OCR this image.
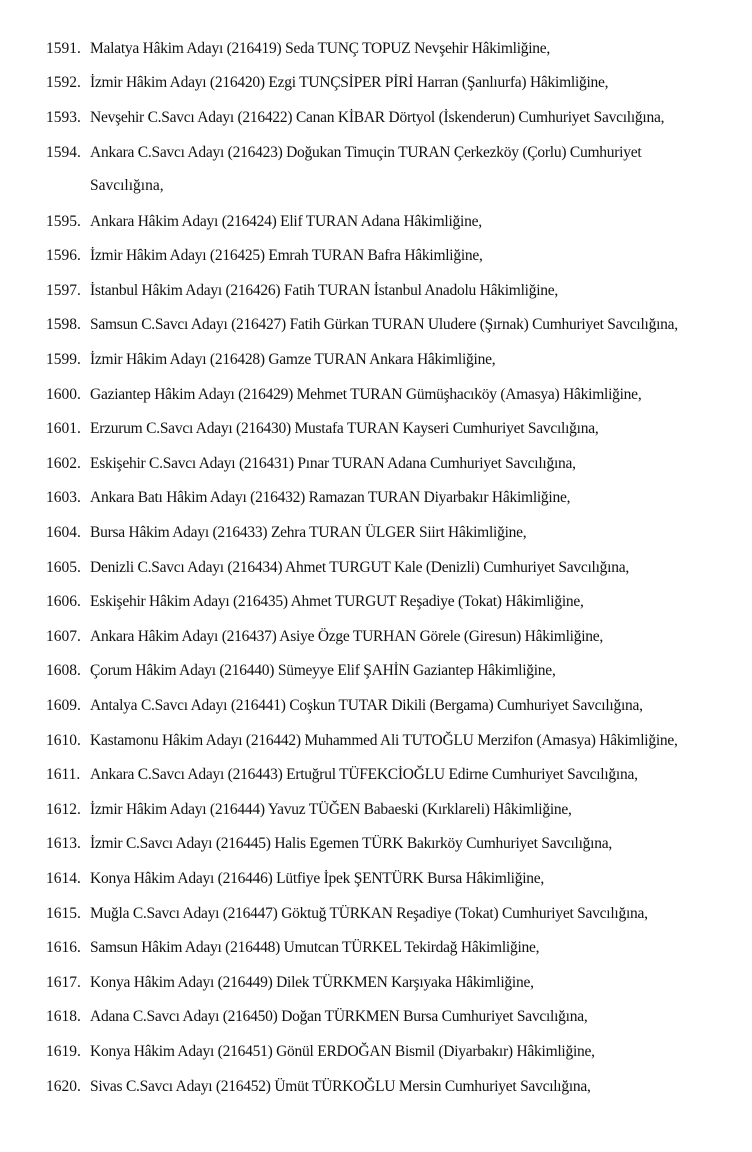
1591. Malatya Hâkim Adayı (216419) Seda TUNÇ TOPUZ Nevşehir Hâkimliğine,
1592. İzmir Hâkim Adayı (216420) Ezgi TUNÇSİPER PİRİ Harran (Şanlıurfa) Hâkimliğine,
1593. Nevşehir C.Savcı Adayı (216422) Canan KİBAR Dörtyol (İskenderun) Cumhuriyet Savcılığına,
1594. Ankara C.Savcı Adayı (216423) Doğukan Timuçin TURAN Çerkezköy (Çorlu) Cumhuriyet
Savcılığına,
1595. Ankara Hâkim Adayı (216424) Elif TURAN Adana Hâkimliğine,
1596. İzmir Hâkim Adayı (216425) Emrah TURAN Bafra Hâkimliğine,
1597. İstanbul Hâkim Adayı (216426) Fatih TURAN İstanbul Anadolu Hâkimliğine,
1598. Samsun C.Savcı Adayı (216427) Fatih Gürkan TURAN Uludere (Şırnak) Cumhuriyet Savcılığına,
1599. İzmir Hâkim Adayı (216428) Gamze TURAN Ankara Hâkimliğine,
1600. Gaziantep Hâkim Adayı (216429) Mehmet TURAN Gümüşhacıköy (Amasya) Hâkimliğine,
1601. Erzurum C.Savcı Adayı (216430) Mustafa TURAN Kayseri Cumhuriyet Savcılığına,
1602. Eskişehir C.Savcı Adayı (216431) Pınar TURAN Adana Cumhuriyet Savcılığına,
1603. Ankara Batı Hâkim Adayı (216432) Ramazan TURAN Diyarbakır Hâkimliğine,
1604. Bursa Hâkim Adayı (216433) Zehra TURAN ÜLGER Siirt Hâkimliğine,
1605. Denizli C.Savcı Adayı (216434) Ahmet TURGUT Kale (Denizli) Cumhuriyet Savcılığına,
1606. Eskişehir Hâkim Adayı (216435) Ahmet TURGUT Reşadiye (Tokat) Hâkimliğine,
1607. Ankara Hâkim Adayı (216437) Asiye Özge TURHAN Görele (Giresun) Hâkimliğine,
1608. Çorum Hâkim Adayı (216440) Sümeyye Elif ŞAHİN Gaziantep Hâkimliğine,
1609. Antalya C.Savcı Adayı (216441) Coşkun TUTAR Dikili (Bergama) Cumhuriyet Savcılığına,
1610. Kastamonu Hâkim Adayı (216442) Muhammed Ali TUTOĞLU Merzifon (Amasya) Hâkimliğine,
1611. Ankara C.Savcı Adayı (216443) Ertuğrul TÜFEKCİOĞLU Edirne Cumhuriyet Savcılığına,
1612. İzmir Hâkim Adayı (216444) Yavuz TÜĞEN Babaeski (Kırklareli) Hâkimliğine,
1613. İzmir C.Savcı Adayı (216445) Halis Egemen TÜRK Bakırköy Cumhuriyet Savcılığına,
1614. Konya Hâkim Adayı (216446) Lütfiye İpek ŞENTÜRK Bursa Hâkimliğine,
1615. Muğla C.Savcı Adayı (216447) Göktuğ TÜRKAN Reşadiye (Tokat) Cumhuriyet Savcılığına,
1616. Samsun Hâkim Adayı (216448) Umutcan TÜRKEL Tekirdağ Hâkimliğine,
1617. Konya Hâkim Adayı (216449) Dilek TÜRKMEN Karşıyaka Hâkimliğine,
1618. Adana C.Savcı Adayı (216450) Doğan TÜRKMEN Bursa Cumhuriyet Savcılığına,
1619. Konya Hâkim Adayı (216451) Gönül ERDOĞAN Bismil (Diyarbakır) Hâkimliğine,
1620. Sivas C.Savcı Adayı (216452) Ümüt TÜRKOĞLU Mersin Cumhuriyet Savcılığına,
